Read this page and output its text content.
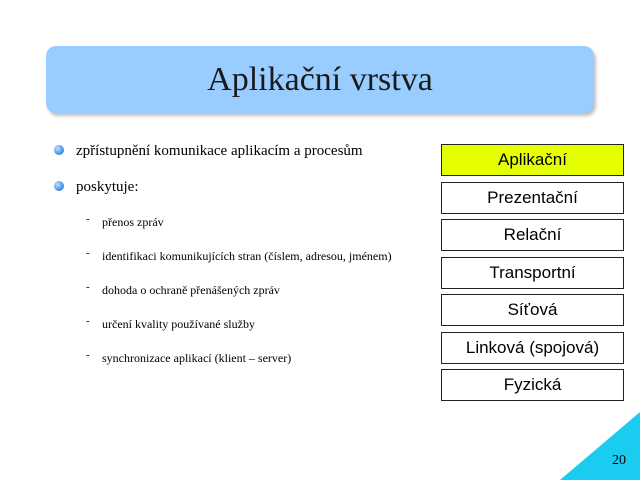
Aplikační vrstva
zpřístupnění komunikace aplikacím a procesům
poskytuje:
- přenos zpráv
- identifikaci komunikujících stran (číslem, adresou, jménem)
- dohoda o ochraně přenášených zpráv
- určení kvality používané služby
- synchronizace aplikací (klient – server)
Aplikační
Prezentační
Relační
Transportní
Síťová
Linková (spojová)
Fyzická
20
